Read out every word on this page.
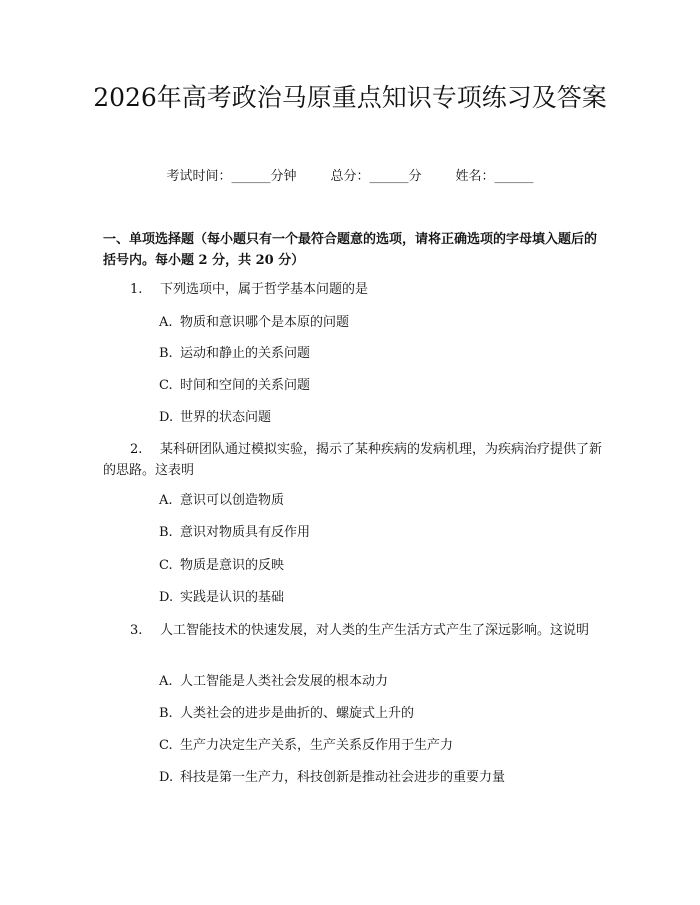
2026年高考政治马原重点知识专项练习及答案
考试时间：______分钟	总分：______分	姓名：______

一、单项选择题（每小题只有一个最符合题意的选项，请将正确选项的字母填入题后的括号内。每小题 2 分，共 20 分）

1. 下列选项中，属于哲学基本问题的是

A. 物质和意识哪个是本原的问题

B. 运动和静止的关系问题

C. 时间和空间的关系问题

D. 世界的状态问题

2. 某科研团队通过模拟实验，揭示了某种疾病的发病机理，为疾病治疗提供了新的思路。这表明

A. 意识可以创造物质

B. 意识对物质具有反作用

C. 物质是意识的反映

D. 实践是认识的基础

3. 人工智能技术的快速发展，对人类的生产生活方式产生了深远影响。这说明

A. 人工智能是人类社会发展的根本动力

B. 人类社会的进步是曲折的、螺旋式上升的

C. 生产力决定生产关系，生产关系反作用于生产力

D. 科技是第一生产力，科技创新是推动社会进步的重要力量
